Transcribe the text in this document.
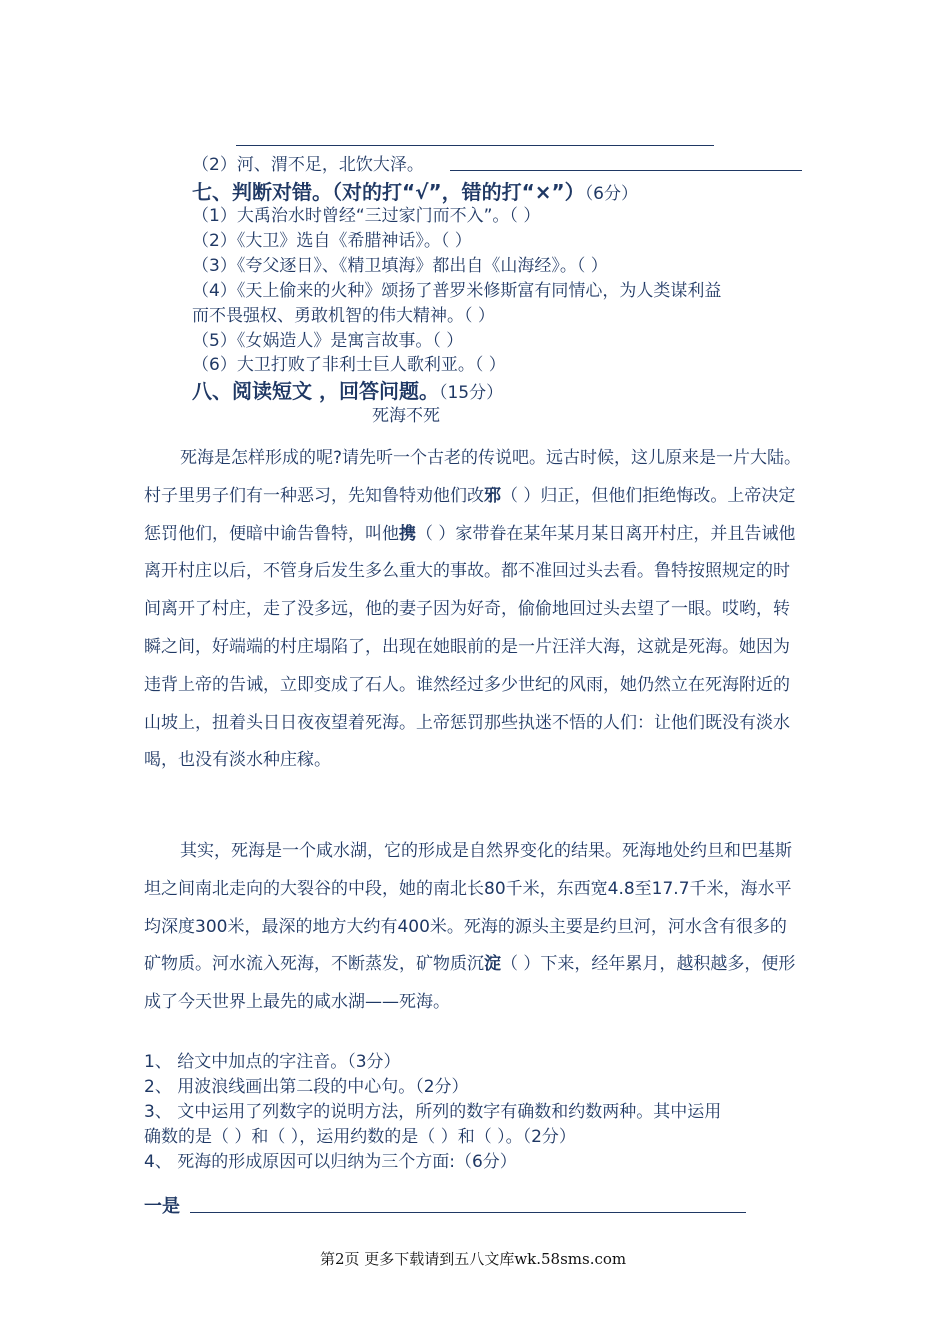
（2）河、渭不足，北饮大泽。
七、判断对错。（对的打“√”，错的打“×”）（6分）
（1）大禹治水时曾经“三过家门而不入”。（ ）
（2）《大卫》选自《希腊神话》。（ ）
（3）《夸父逐日》、《精卫填海》都出自《山海经》。（ ）
（4）《天上偷来的火种》颂扬了普罗米修斯富有同情心，为人类谋利益
而不畏强权、勇敢机智的伟大精神。（ ）
（5）《女娲造人》是寓言故事。（ ）
（6）大卫打败了非利士巨人歌利亚。（ ）
八、阅读短文 ，回答问题。（15分）
死海不死
死海是怎样形成的呢?请先听一个古老的传说吧。远古时候，这儿原来是一片大陆。村子里男子们有一种恶习，先知鲁特劝他们改邪（ ）归正，但他们拒绝悔改。上帝决定惩罚他们，便暗中谕告鲁特，叫他携（ ）家带眷在某年某月某日离开村庄，并且告诫他离开村庄以后，不管身后发生多么重大的事故。都不准回过头去看。鲁特按照规定的时间离开了村庄，走了没多远，他的妻子因为好奇，偷偷地回过头去望了一眼。哎哟，转瞬之间，好端端的村庄塌陷了，出现在她眼前的是一片汪洋大海，这就是死海。她因为违背上帝的告诫，立即变成了石人。谁然经过多少世纪的风雨，她仍然立在死海附近的山坡上，扭着头日日夜夜望着死海。上帝惩罚那些执迷不悟的人们：让他们既没有淡水喝，也没有淡水种庄稼。
其实，死海是一个咸水湖，它的形成是自然界变化的结果。死海地处约旦和巴基斯坦之间南北走向的大裂谷的中段，她的南北长80千米，东西宽4.8至17.7千米，海水平均深度300米，最深的地方大约有400米。死海的源头主要是约旦河，河水含有很多的矿物质。河水流入死海，不断蒸发，矿物质沉淀（ ）下来，经年累月，越积越多，便形成了今天世界上最先的咸水湖——死海。
1、 给文中加点的字注音。（3分）
2、 用波浪线画出第二段的中心句。（2分）
3、 文中运用了列数字的说明方法，所列的数字有确数和约数两种。其中运用
确数的是（ ）和（ ），运用约数的是（ ）和（ ）。（2分）
4、 死海的形成原因可以归纳为三个方面:（6分）
一是
第2页 更多下载请到五八文库wk.58sms.com
